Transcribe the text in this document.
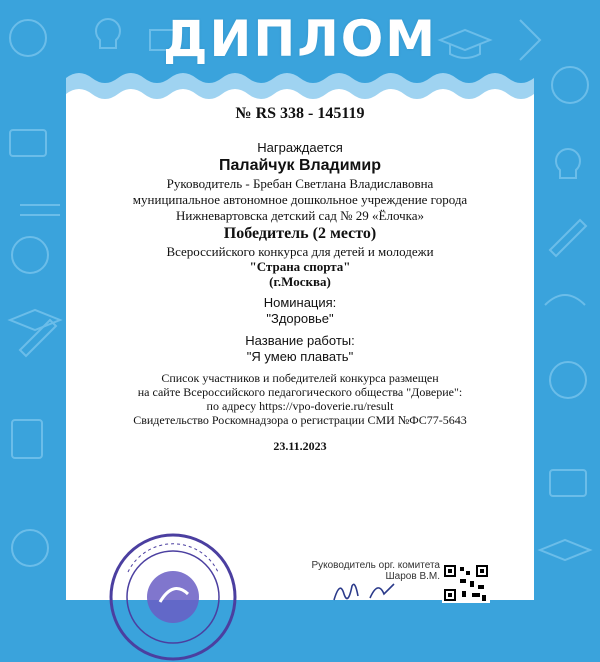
ДИПЛОМ
№ RS 338 - 145119
Награждается
Палайчук Владимир
Руководитель - Бребан Светлана Владиславовна
муниципальное автономное дошкольное учреждение города
Нижневартовска детский сад № 29 «Ёлочка»
Победитель (2 место)
Всероссийского конкурса для детей и молодежи
"Страна спорта"
(г.Москва)
Номинация:
"Здоровье"
Название работы:
"Я умею плавать"
Список участников и победителей конкурса размещен
на сайте Всероссийского педагогического общества "Доверие":
по адресу https://vpo-doverie.ru/result
Свидетельство Роскомнадзора о регистрации СМИ №ФС77-5643
23.11.2023
Руководитель орг. комитета
Шаров В.М.
